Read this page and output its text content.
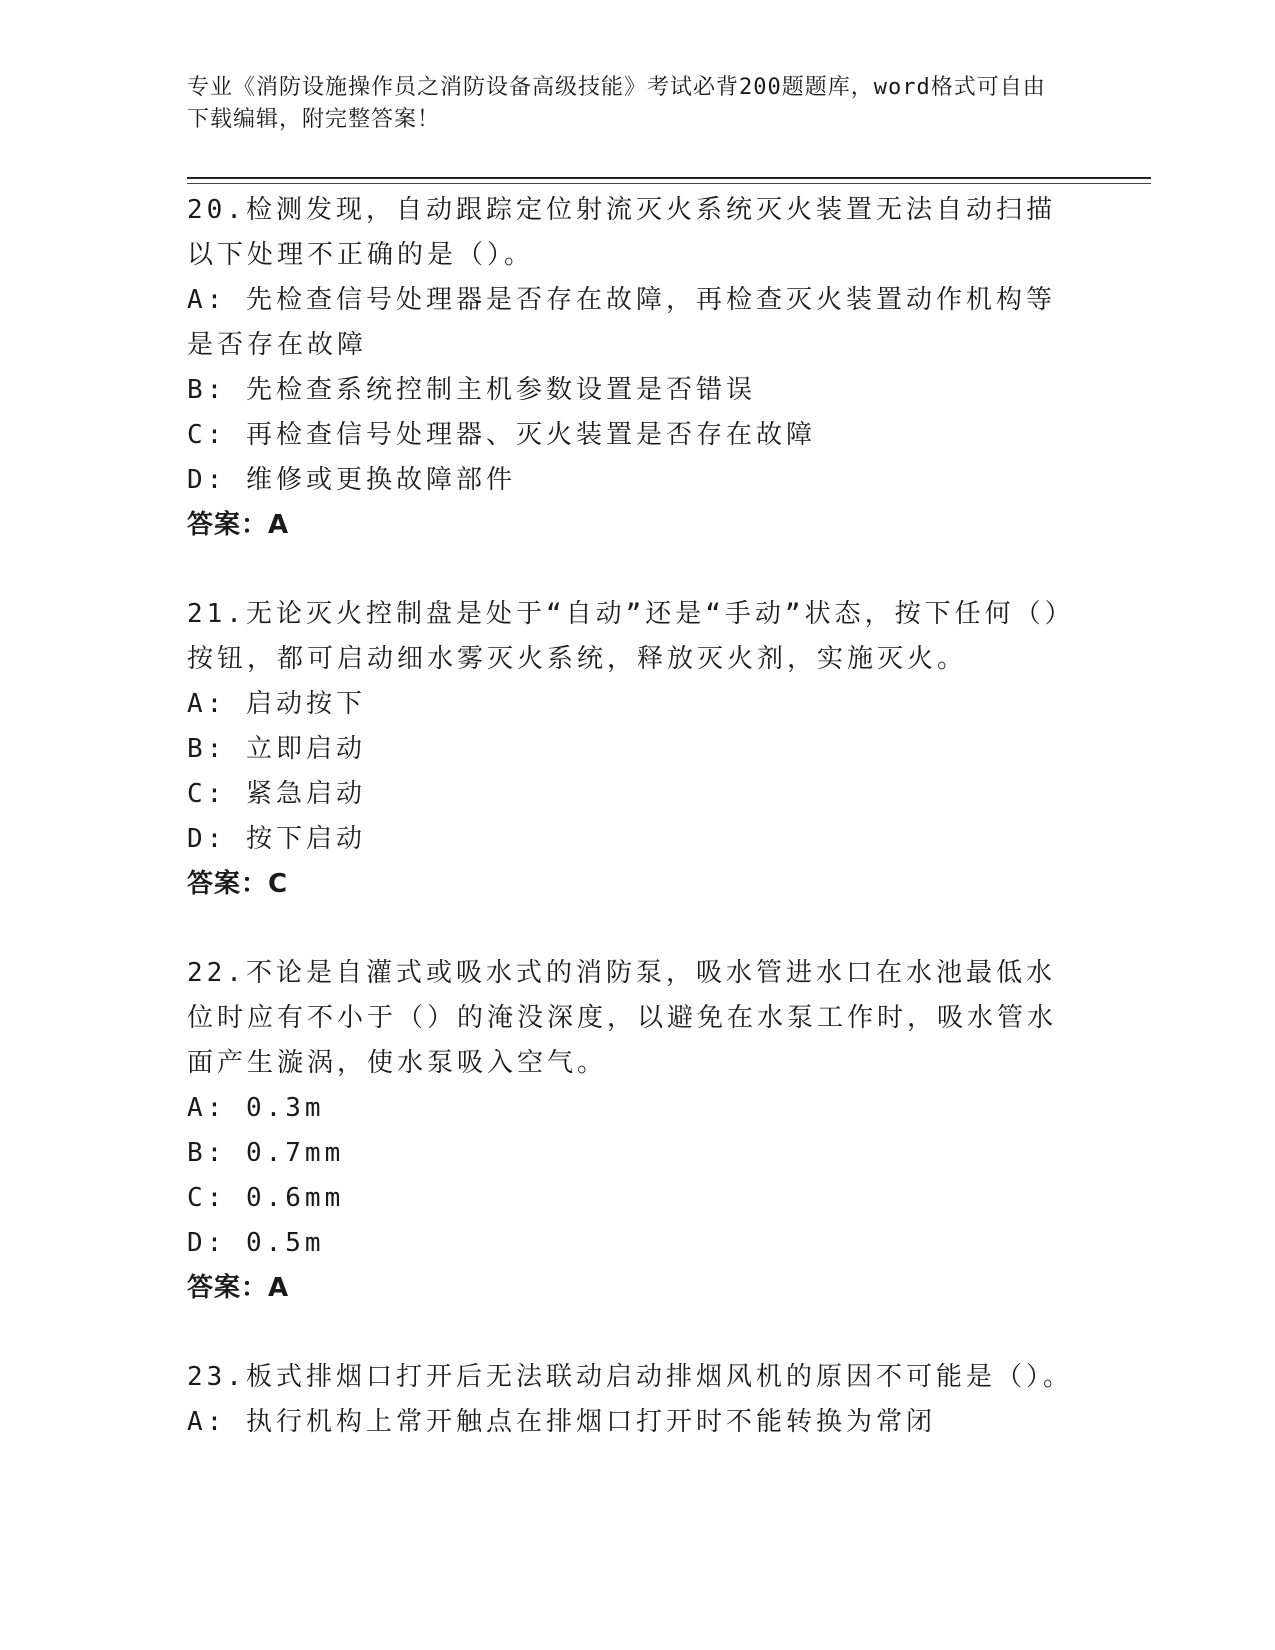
专业《消防设施操作员之消防设备高级技能》考试必背200题题库，word格式可自由下载编辑，附完整答案！

20.检测发现，自动跟踪定位射流灭火系统灭火装置无法自动扫描以下处理不正确的是（）。

A: 先检查信号处理器是否存在故障，再检查灭火装置动作机构等是否存在故障

B: 先检查系统控制主机参数设置是否错误

C: 再检查信号处理器、灭火装置是否存在故障

D: 维修或更换故障部件

答案：A

21.无论灭火控制盘是处于“自动”还是“手动”状态，按下任何（）按钮，都可启动细水雾灭火系统，释放灭火剂，实施灭火。

A: 启动按下

B: 立即启动

C: 紧急启动

D: 按下启动

答案：C

22.不论是自灌式或吸水式的消防泵，吸水管进水口在水池最低水位时应有不小于（）的淹没深度，以避免在水泵工作时，吸水管水面产生漩涡，使水泵吸入空气。

A: 0.3m

B: 0.7mm

C: 0.6mm

D: 0.5m

答案：A

23.板式排烟口打开后无法联动启动排烟风机的原因不可能是（）。

A: 执行机构上常开触点在排烟口打开时不能转换为常闭
